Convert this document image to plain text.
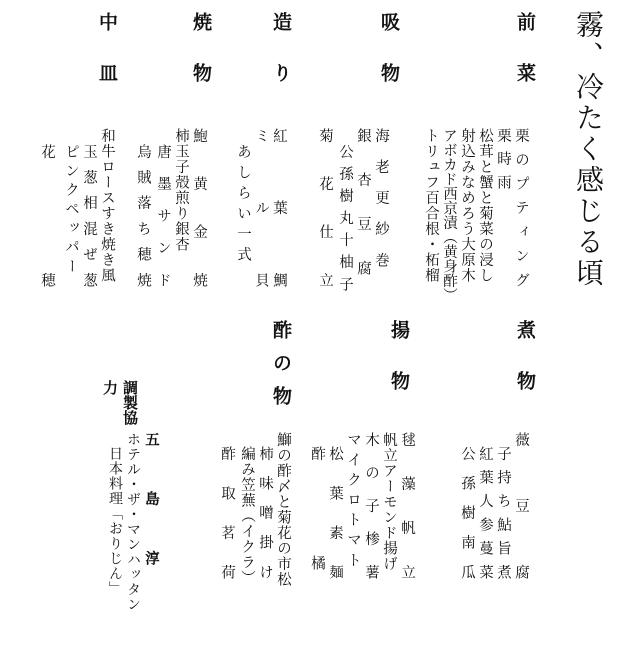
霧、冷たく感じる頃
前菜
栗のプティング
栗時雨
松茸と蟹と菊菜の浸し
射込みなめろう大原木
アボカド西京漬（黄身酢）
トリュフ百合根・柘榴
吸物
海老更紗巻
銀杏豆腐
公孫樹丸十柚子
菊花仕立
造り
紅葉鯛
ミル貝
あしらい一式
焼物
鮑黄金焼
柿玉子殻煎り銀杏
唐墨サンド
烏賊落ち穂焼
中皿
和牛ロースすき焼き風
玉葱相混ぜ葱
ピンクペッパー
花穂
煮物
薇豆腐
子持ち鮎旨煮
紅葉人参蔓菜
公孫樹南瓜
揚物
毬藻帆立
帆立アーモンド揚げ
木の子椮薯
マイクロトマト
松葉素麺
酢橘
酢の物
鰤の酢〆と菊花の市松
柿味噌掛け
編み笠蕪（イクラ）
酢取茗荷
調製協力
五島淳
ホテル・ザ・マンハッタン
日本料理「おりじん」
